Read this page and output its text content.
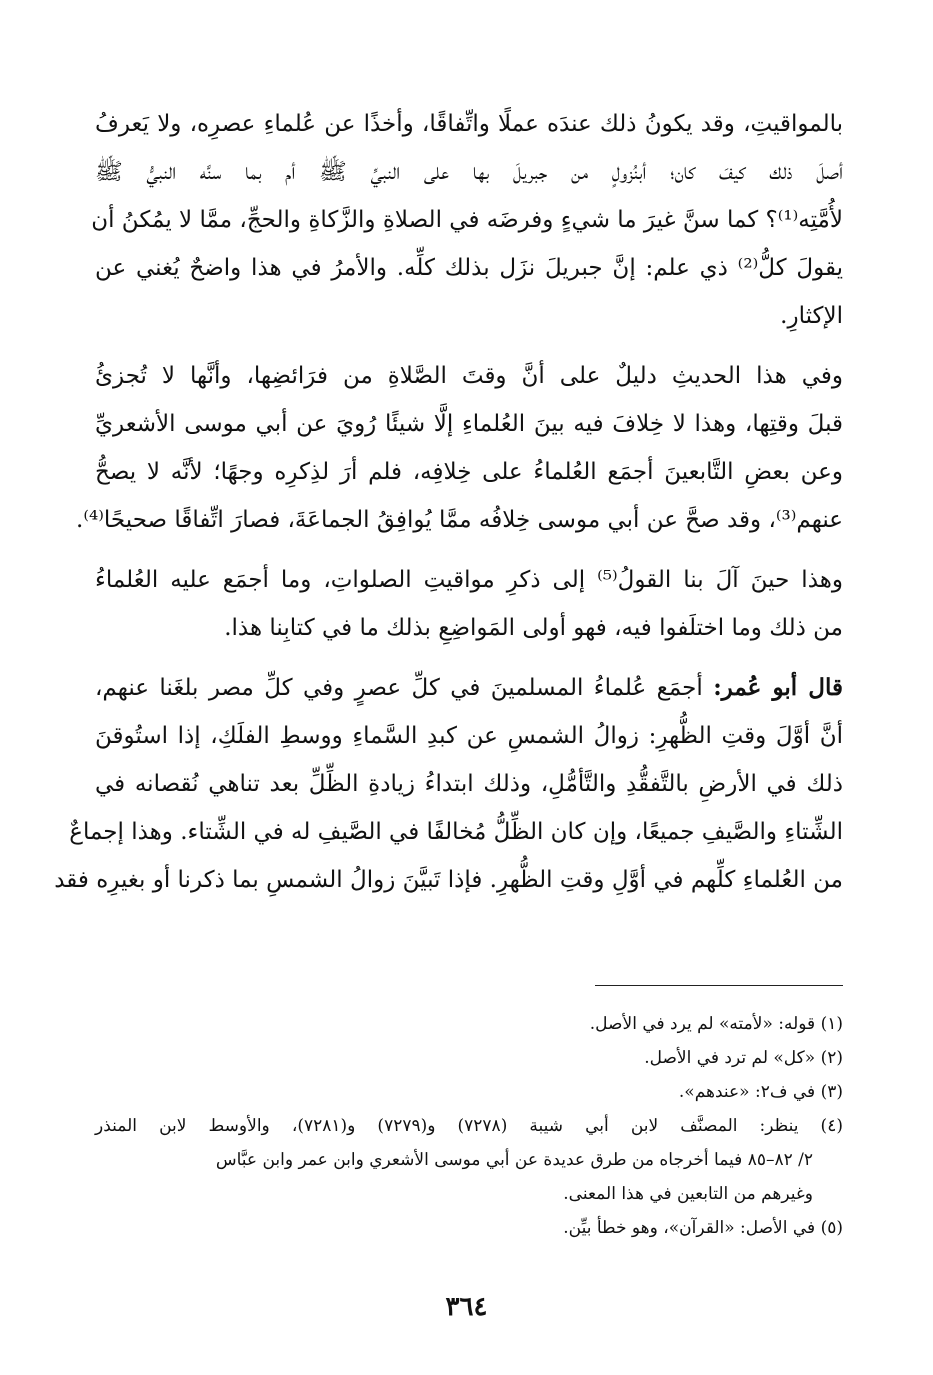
بالمواقيتِ، وقد يكونُ ذلك عندَه عملًا واتِّفاقًا، وأخذًا عن عُلماءِ عصرِه، ولا يَعرفُ
أصلَ ذلك كيفَ كان؛ أبنُزولٍ من جبريلَ بها على النبيِّ ﷺ أم بما سنَّه النبيُّ ﷺ
لأُمَّتِه⁽¹⁾؟ كما سنَّ غيرَ ما شيءٍ وفرضَه في الصلاةِ والزَّكاةِ والحجِّ، ممَّا لا يمُكنُ أن
يقولَ كلُّ⁽²⁾ ذي علم: إنَّ جبريلَ نزَل بذلك كلِّه. والأمرُ في هذا واضحٌ يُغني عن
الإكثارِ.
وفي هذا الحديثِ دليلٌ على أنَّ وقتَ الصَّلاةِ من فرَائضِها، وأنَّها لا تُجزئُ
قبلَ وقتِها، وهذا لا خِلافَ فيه بينَ العُلماءِ إلَّا شيئًا رُويَ عن أبي موسى الأشعريِّ
وعن بعضِ التَّابعينَ أجمَع العُلماءُ على خِلافِه، فلم أرَ لذِكرِه وجهًا؛ لأنَّه لا يصحُّ
عنهم⁽³⁾، وقد صحَّ عن أبي موسى خِلافُه ممَّا يُوافِقُ الجماعَةَ، فصارَ اتِّفاقًا صحيحًا⁽⁴⁾.
وهذا حينَ آلَ بنا القولُ⁽⁵⁾ إلى ذكرِ مواقيتِ الصلواتِ، وما أجمَع عليه العُلماءُ
من ذلك وما اختلَفوا فيه، فهو أولى المَواضِعِ بذلك ما في كتابِنا هذا.
قال أبو عُمر: أجمَع عُلماءُ المسلمينَ في كلِّ عصرٍ وفي كلِّ مصر بلغَنا عنهم،
أنَّ أوَّلَ وقتِ الظُّهرِ: زوالُ الشمسِ عن كبدِ السَّماءِ ووسطِ الفلَكِ، إذا استُوقنَ
ذلك في الأرضِ بالتَّفقُّدِ والتَّأمُّلِ، وذلك ابتداءُ زيادةِ الظِّلِّ بعد تناهي نُقصانه في
الشِّتاءِ والصَّيفِ جميعًا، وإن كان الظِّلُّ مُخالفًا في الصَّيفِ له في الشِّتاء. وهذا إجماعٌ
من العُلماءِ كلِّهم في أوَّلِ وقتِ الظُّهرِ. فإذا تَبيَّنَ زوالُ الشمسِ بما ذكرنا أو بغيرِه فقد
(١) قوله: «لأمته» لم يرد في الأصل.
(٢) «كل» لم ترد في الأصل.
(٣) في ف٢: «عندهم».
(٤) ينظر: المصنَّف لابن أبي شيبة (٧٢٧٨) و(٧٢٧٩) و(٧٢٨١)، والأوسط لابن المنذر
٢/ ٨٢–٨٥ فيما أخرجاه من طرق عديدة عن أبي موسى الأشعري وابن عمر وابن عبَّاس
وغيرهم من التابعين في هذا المعنى.
(٥) في الأصل: «القرآن»، وهو خطأ بيِّن.
٣٦٤
